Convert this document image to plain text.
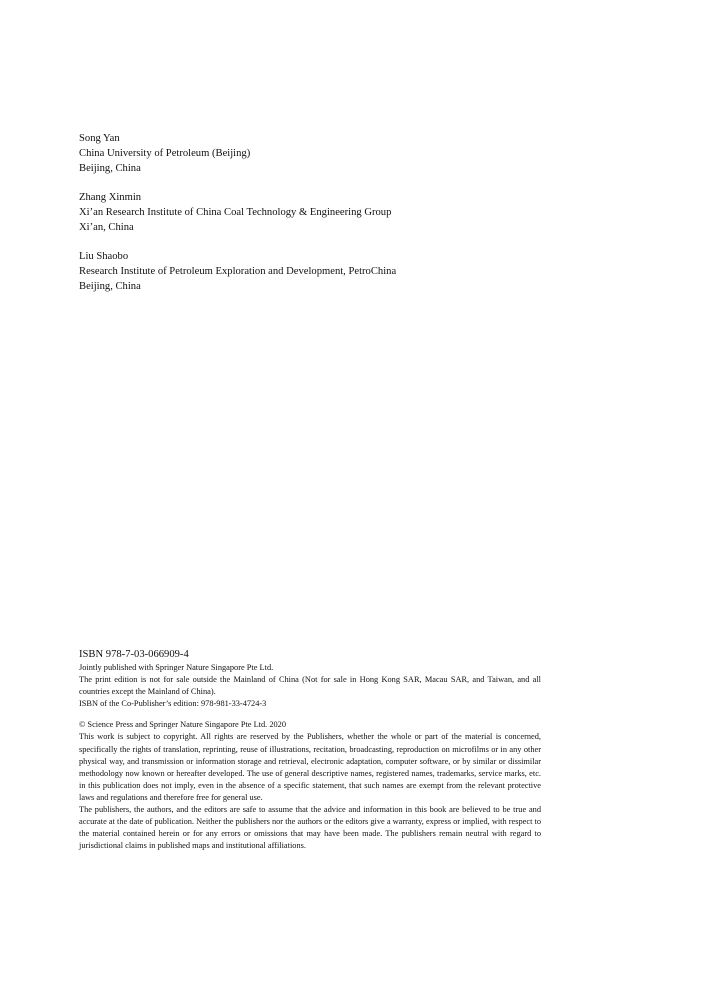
Song Yan
China University of Petroleum (Beijing)
Beijing, China
Zhang Xinmin
Xi’an Research Institute of China Coal Technology & Engineering Group
Xi’an, China
Liu Shaobo
Research Institute of Petroleum Exploration and Development, PetroChina
Beijing, China
ISBN 978-7-03-066909-4
Jointly published with Springer Nature Singapore Pte Ltd.
The print edition is not for sale outside the Mainland of China (Not for sale in Hong Kong SAR, Macau SAR, and Taiwan, and all countries except the Mainland of China).
ISBN of the Co-Publisher’s edition: 978-981-33-4724-3
© Science Press and Springer Nature Singapore Pte Ltd. 2020
This work is subject to copyright. All rights are reserved by the Publishers, whether the whole or part of the material is concerned, specifically the rights of translation, reprinting, reuse of illustrations, recitation, broadcasting, reproduction on microfilms or in any other physical way, and transmission or information storage and retrieval, electronic adaptation, computer software, or by similar or dissimilar methodology now known or hereafter developed. The use of general descriptive names, registered names, trademarks, service marks, etc. in this publication does not imply, even in the absence of a specific statement, that such names are exempt from the relevant protective laws and regulations and therefore free for general use.
The publishers, the authors, and the editors are safe to assume that the advice and information in this book are believed to be true and accurate at the date of publication. Neither the publishers nor the authors or the editors give a warranty, express or implied, with respect to the material contained herein or for any errors or omissions that may have been made. The publishers remain neutral with regard to jurisdictional claims in published maps and institutional affiliations.
